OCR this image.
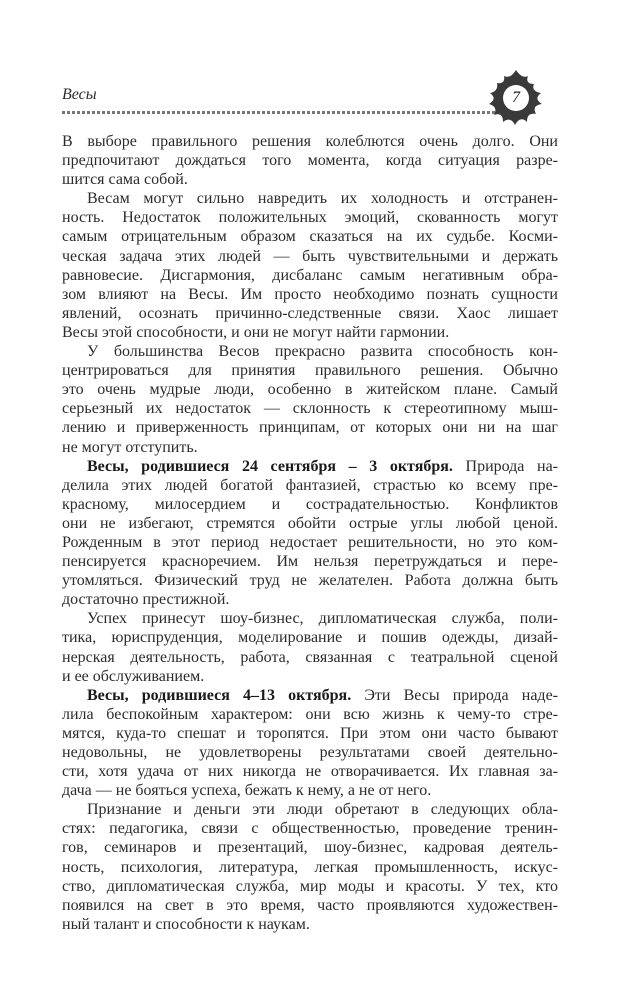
Весы	7
В выборе правильного решения колеблются очень долго. Они
предпочитают дождаться того момента, когда ситуация разре-
шится сама собой.
Весам могут сильно навредить их холодность и отстранен-
ность. Недостаток положительных эмоций, скованность могут
самым отрицательным образом сказаться на их судьбе. Косми-
ческая задача этих людей — быть чувствительными и держать
равновесие. Дисгармония, дисбаланс самым негативным обра-
зом влияют на Весы. Им просто необходимо познать сущности
явлений, осознать причинно-следственные связи. Хаос лишает
Весы этой способности, и они не могут найти гармонии.
У большинства Весов прекрасно развита способность кон-
центрироваться для принятия правильного решения. Обычно
это очень мудрые люди, особенно в житейском плане. Самый
серьезный их недостаток — склонность к стереотипному мыш-
лению и приверженность принципам, от которых они ни на шаг
не могут отступить.
Весы, родившиеся 24 сентября – 3 октября. Природа на-
делила этих людей богатой фантазией, страстью ко всему пре-
красному, милосердием и сострадательностью. Конфликтов
они не избегают, стремятся обойти острые углы любой ценой.
Рожденным в этот период недостает решительности, но это ком-
пенсируется красноречием. Им нельзя перетруждаться и пере-
утомляться. Физический труд не желателен. Работа должна быть
достаточно престижной.
Успех принесут шоу-бизнес, дипломатическая служба, поли-
тика, юриспруденция, моделирование и пошив одежды, дизай-
нерская деятельность, работа, связанная с театральной сценой
и ее обслуживанием.
Весы, родившиеся 4–13 октября. Эти Весы природа наде-
лила беспокойным характером: они всю жизнь к чему-то стре-
мятся, куда-то спешат и торопятся. При этом они часто бывают
недовольны, не удовлетворены результатами своей деятельно-
сти, хотя удача от них никогда не отворачивается. Их главная за-
дача — не бояться успеха, бежать к нему, а не от него.
Признание и деньги эти люди обретают в следующих обла-
стях: педагогика, связи с общественностью, проведение тренин-
гов, семинаров и презентаций, шоу-бизнес, кадровая деятель-
ность, психология, литература, легкая промышленность, искус-
ство, дипломатическая служба, мир моды и красоты. У тех, кто
появился на свет в это время, часто проявляются художествен-
ный талант и способности к наукам.
